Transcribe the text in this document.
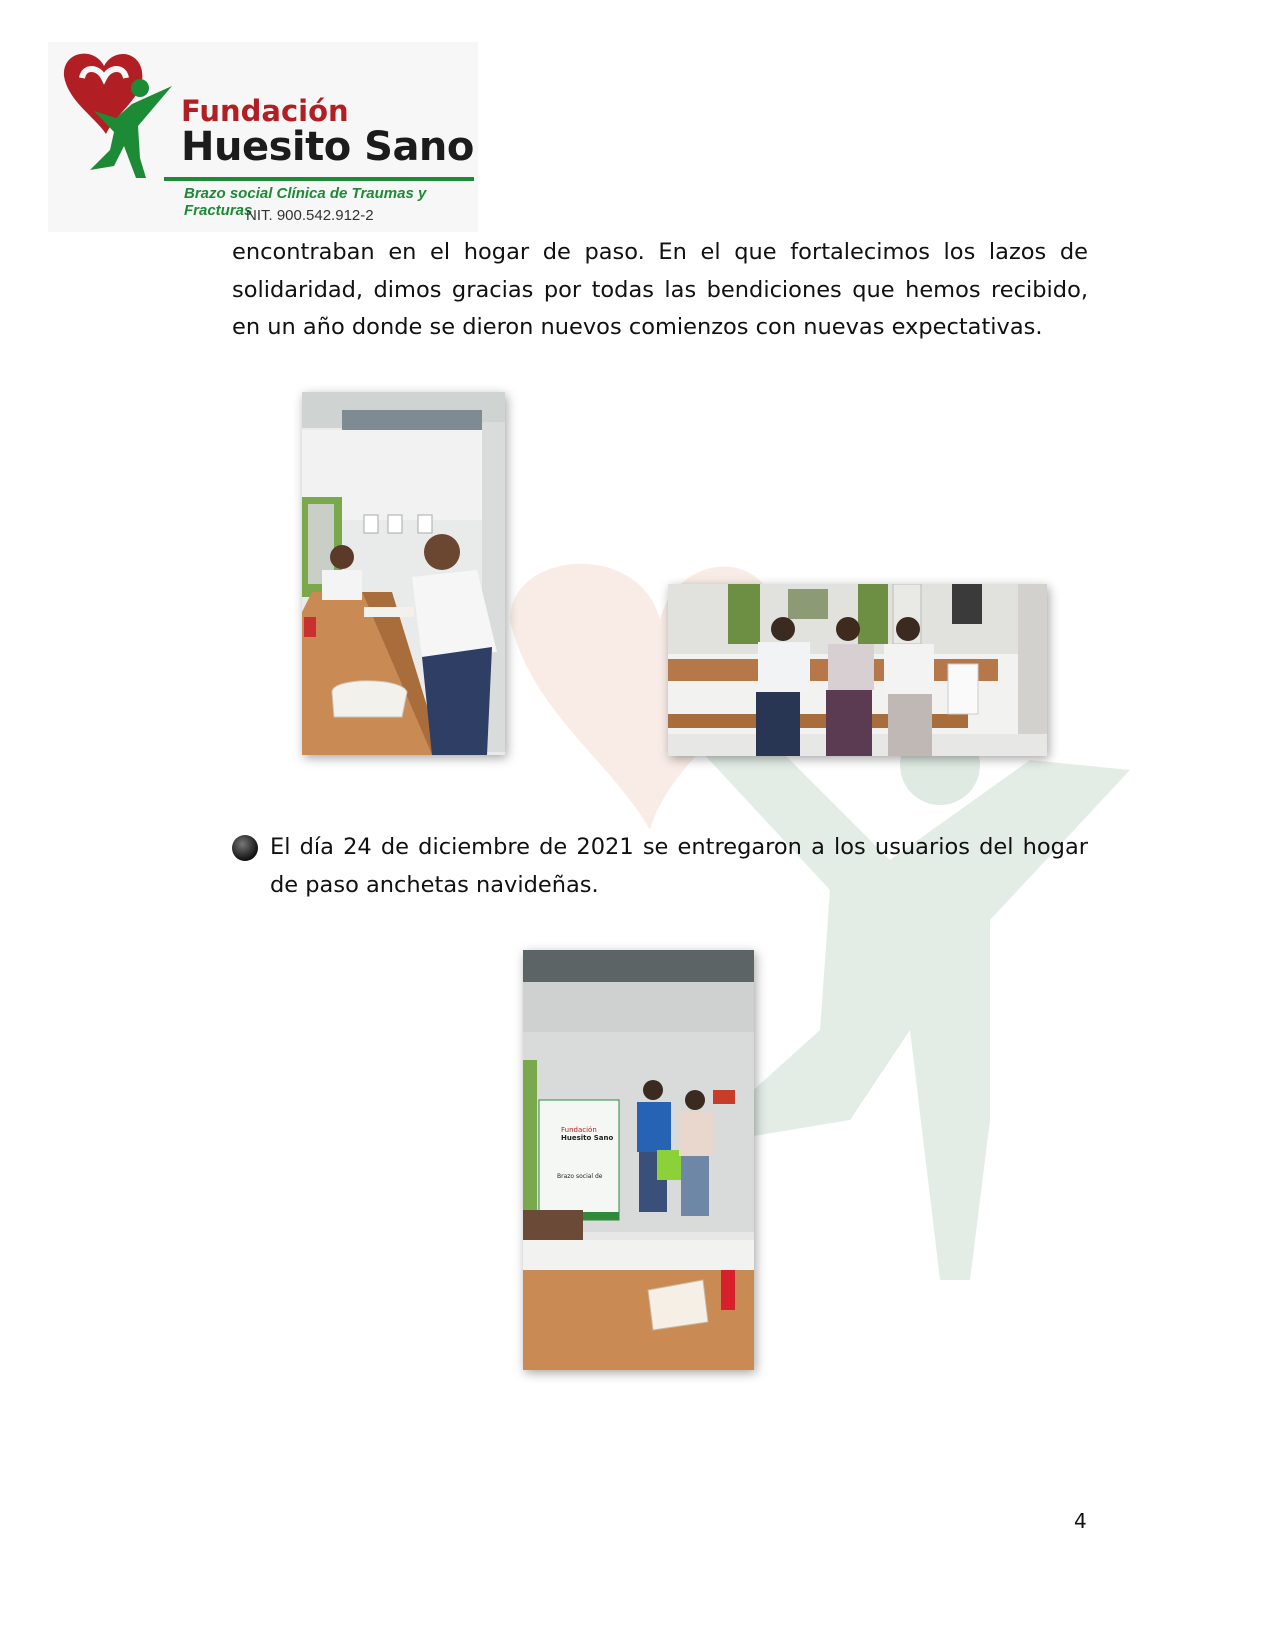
Fundación
Huesito Sano
Brazo social Clínica de Traumas y Fracturas
NIT. 900.542.912-2
encontraban en el hogar de paso. En el que fortalecimos los lazos de solidaridad, dimos gracias por todas las bendiciones que hemos recibido, en un año donde se dieron nuevos comienzos con nuevas expectativas.
El día 24 de diciembre de 2021 se entregaron a los usuarios del hogar de paso anchetas navideñas.
Fundación
Huesito Sano
Brazo social de
4
